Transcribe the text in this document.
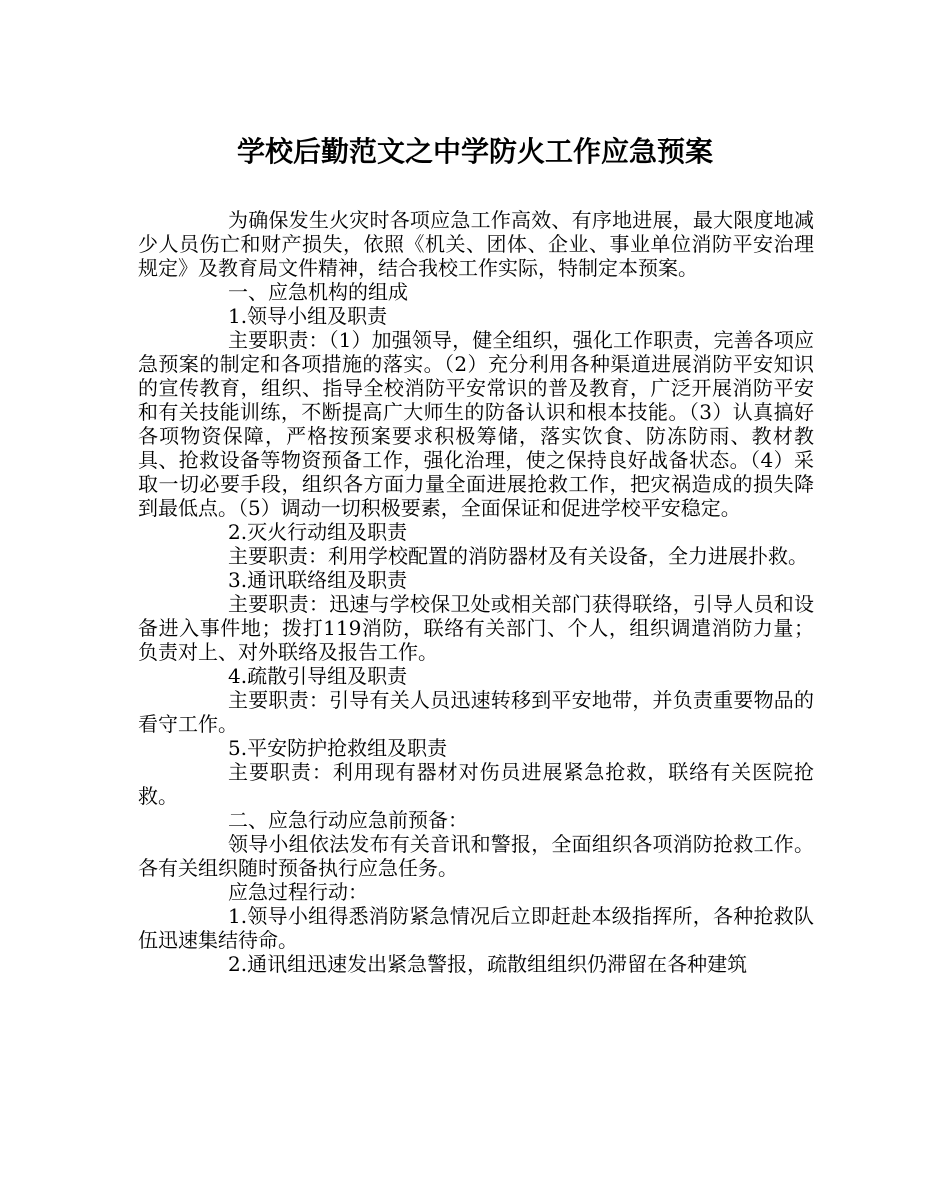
学校后勤范文之中学防火工作应急预案

为确保发生火灾时各项应急工作高效、有序地进展，最大限度地减少人员伤亡和财产损失，依照《机关、团体、企业、事业单位消防平安治理规定》及教育局文件精神，结合我校工作实际，特制定本预案。

一、应急机构的组成

1.领导小组及职责

主要职责：（1）加强领导，健全组织，强化工作职责，完善各项应急预案的制定和各项措施的落实。（2）充分利用各种渠道进展消防平安知识的宣传教育，组织、指导全校消防平安常识的普及教育，广泛开展消防平安和有关技能训练，不断提高广大师生的防备认识和根本技能。（3）认真搞好各项物资保障，严格按预案要求积极筹储，落实饮食、防冻防雨、教材教具、抢救设备等物资预备工作，强化治理，使之保持良好战备状态。（4）采取一切必要手段，组织各方面力量全面进展抢救工作，把灾祸造成的损失降到最低点。（5）调动一切积极要素，全面保证和促进学校平安稳定。

2.灭火行动组及职责

主要职责：利用学校配置的消防器材及有关设备，全力进展扑救。

3.通讯联络组及职责

主要职责：迅速与学校保卫处或相关部门获得联络，引导人员和设备进入事件地；拨打119消防，联络有关部门、个人，组织调遣消防力量；负责对上、对外联络及报告工作。

4.疏散引导组及职责

主要职责：引导有关人员迅速转移到平安地带，并负责重要物品的看守工作。

5.平安防护抢救组及职责

主要职责：利用现有器材对伤员进展紧急抢救，联络有关医院抢救。

二、应急行动应急前预备：

领导小组依法发布有关音讯和警报，全面组织各项消防抢救工作。各有关组织随时预备执行应急任务。

应急过程行动：

1.领导小组得悉消防紧急情况后立即赶赴本级指挥所，各种抢救队伍迅速集结待命。

2.通讯组迅速发出紧急警报，疏散组组织仍滞留在各种建筑
